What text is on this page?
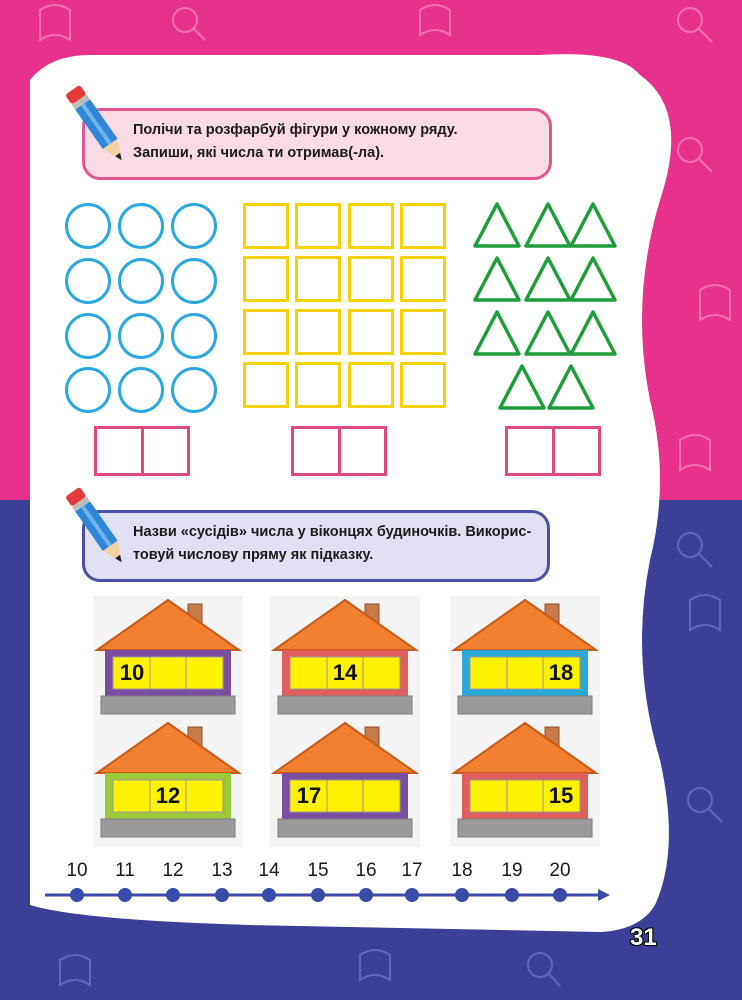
Полічи та розфарбуй фігури у кожному ряду.
Запиши, які числа ти отримав(-ла).
Назви «сусідів» числа у віконцях будиночків. Викорис-
товуй числову пряму як підказку.
10	14	18
12	17	15
10	11	12	13	14	15	16	17	18	19	20
31
